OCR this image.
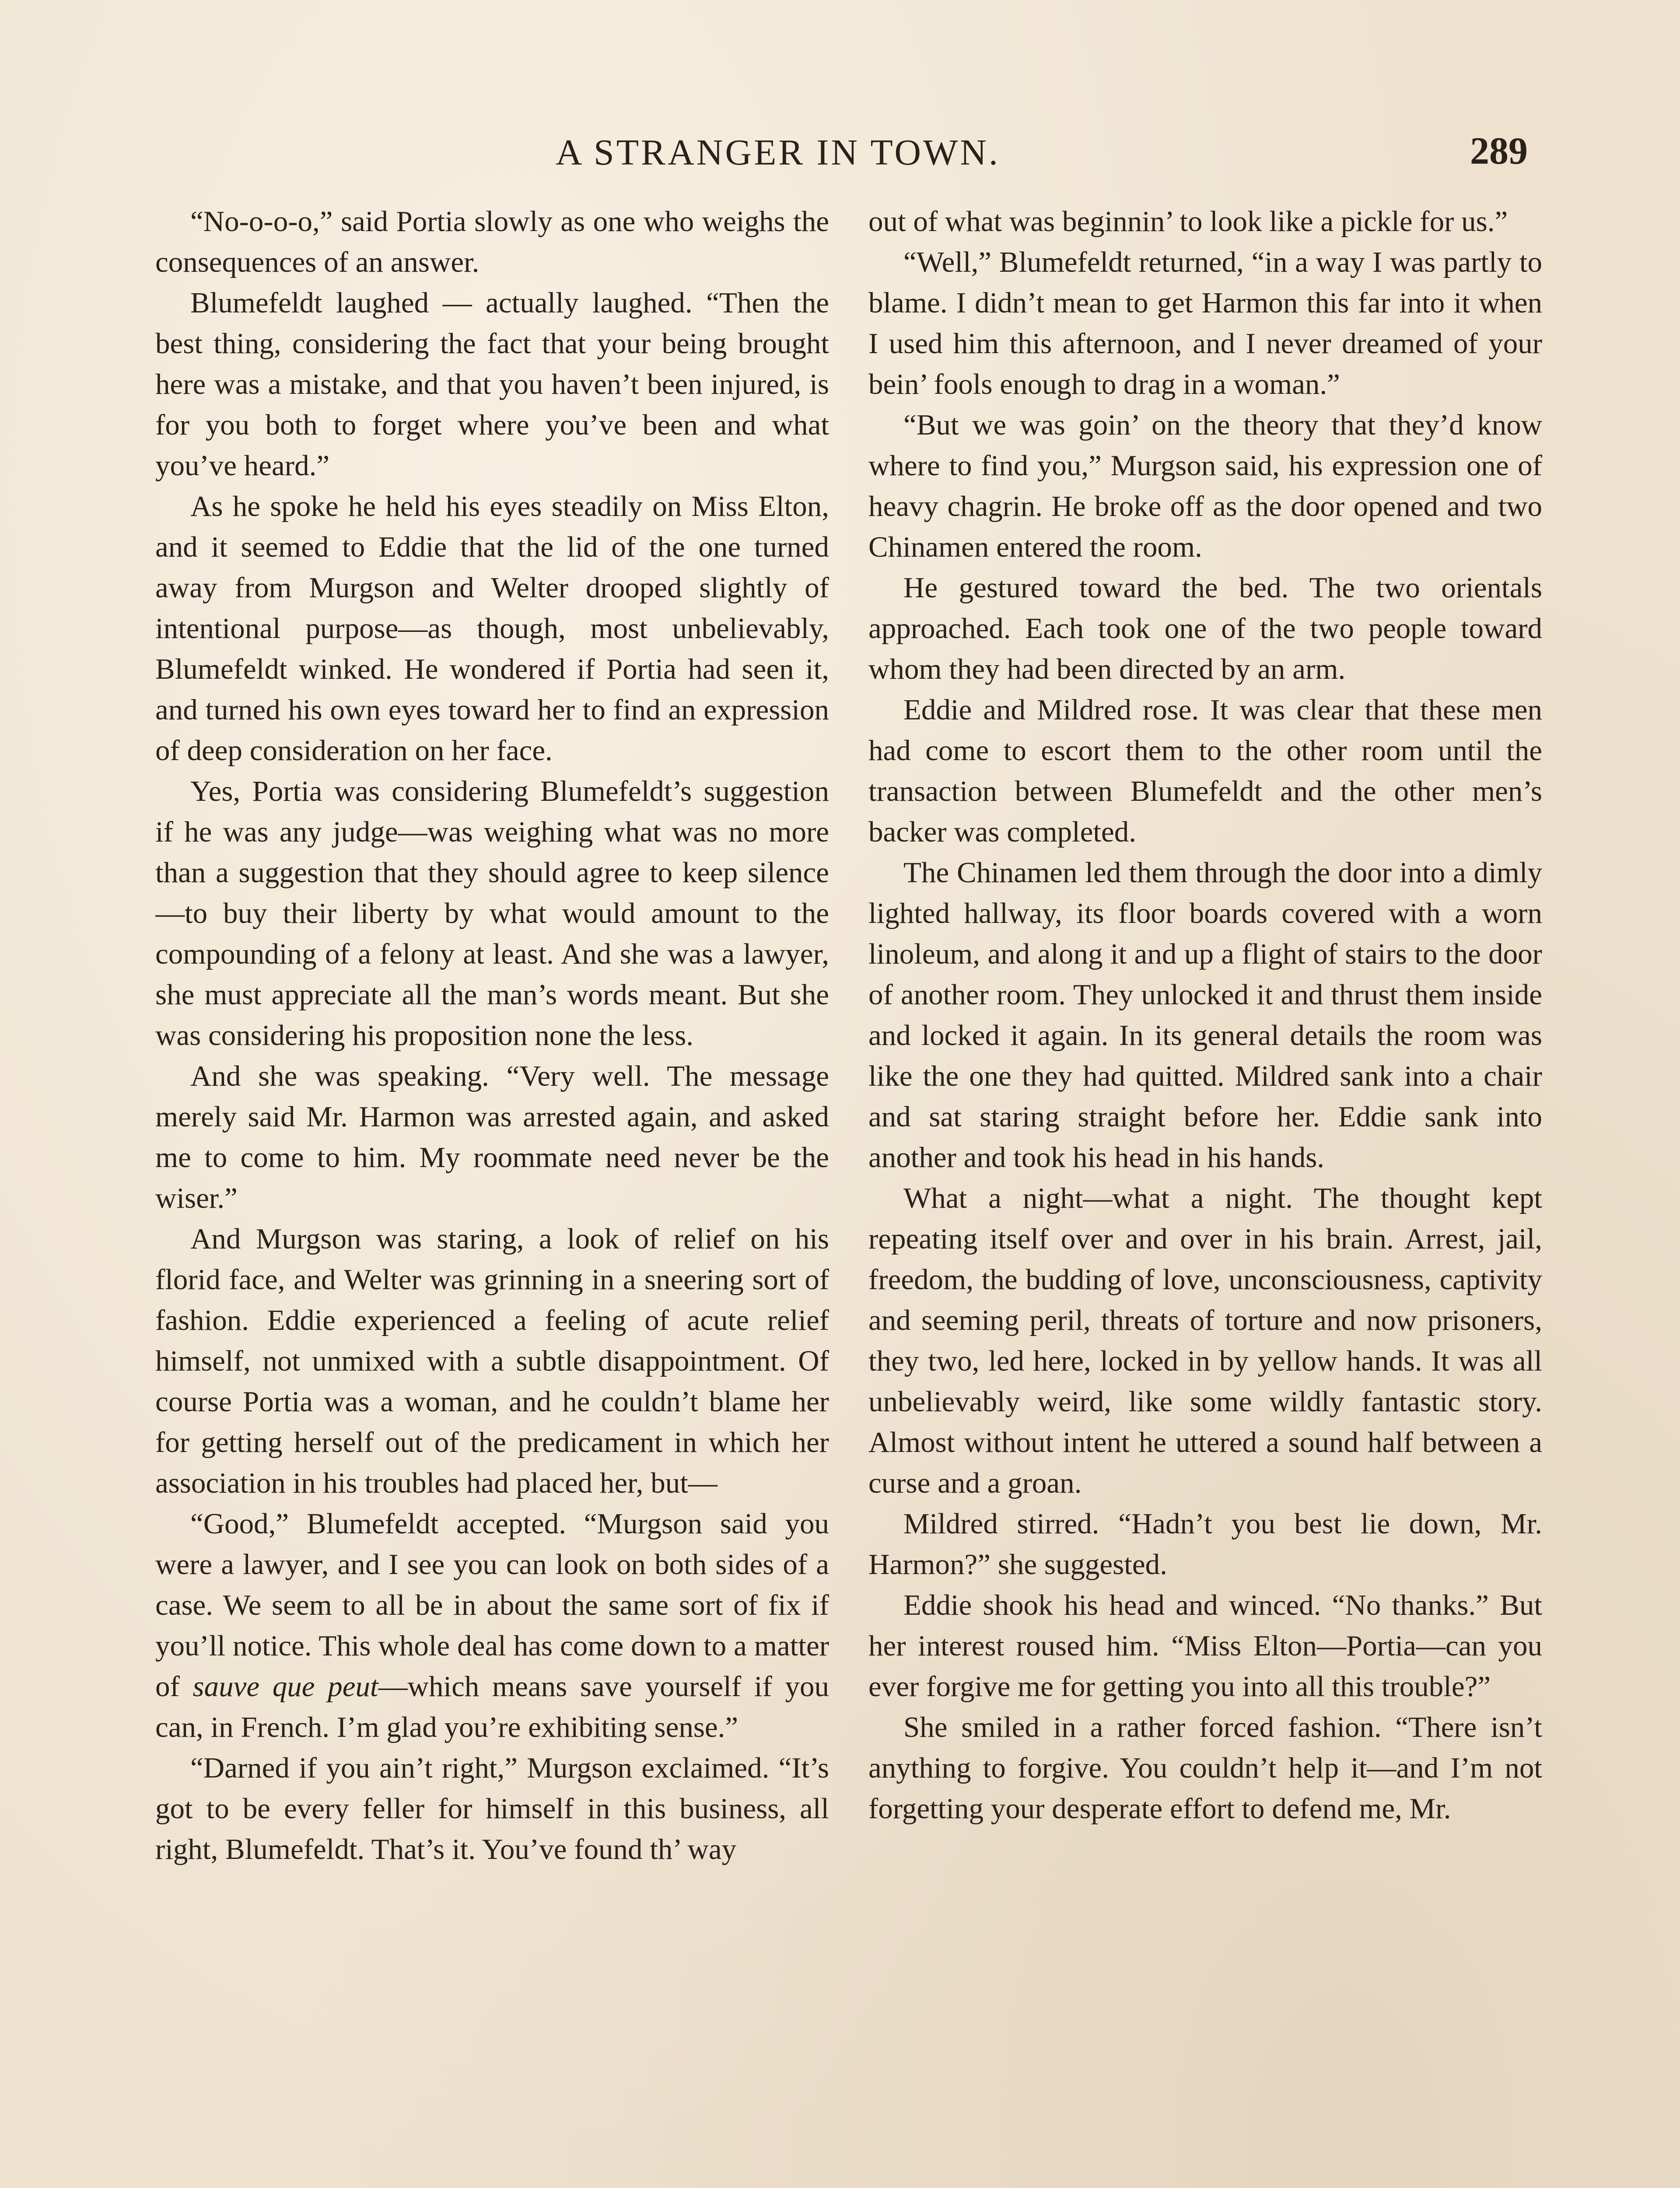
A STRANGER IN TOWN.	289

“No-o-o-o,” said Portia slowly as one who weighs the consequences of an answer.

Blumefeldt laughed — actually laughed. “Then the best thing, considering the fact that your being brought here was a mistake, and that you haven’t been injured, is for you both to forget where you’ve been and what you’ve heard.”

As he spoke he held his eyes steadily on Miss Elton, and it seemed to Eddie that the lid of the one turned away from Murgson and Welter drooped slightly of intentional purpose—as though, most unbelievably, Blumefeldt winked. He wondered if Portia had seen it, and turned his own eyes toward her to find an expression of deep consideration on her face.

Yes, Portia was considering Blumefeldt’s suggestion if he was any judge—was weighing what was no more than a suggestion that they should agree to keep silence—to buy their liberty by what would amount to the compounding of a felony at least. And she was a lawyer, she must appreciate all the man’s words meant. But she was considering his proposition none the less.

And she was speaking. “Very well. The message merely said Mr. Harmon was arrested again, and asked me to come to him. My roommate need never be the wiser.”

And Murgson was staring, a look of relief on his florid face, and Welter was grinning in a sneering sort of fashion. Eddie experienced a feeling of acute relief himself, not unmixed with a subtle disappointment. Of course Portia was a woman, and he couldn’t blame her for getting herself out of the predicament in which her association in his troubles had placed her, but—

“Good,” Blumefeldt accepted. “Murgson said you were a lawyer, and I see you can look on both sides of a case. We seem to all be in about the same sort of fix if you’ll notice. This whole deal has come down to a matter of sauve que peut—which means save yourself if you can, in French. I’m glad you’re exhibiting sense.”

“Darned if you ain’t right,” Murgson exclaimed. “It’s got to be every feller for himself in this business, all right, Blumefeldt. That’s it. You’ve found th’ way

out of what was beginnin’ to look like a pickle for us.”

“Well,” Blumefeldt returned, “in a way I was partly to blame. I didn’t mean to get Harmon this far into it when I used him this afternoon, and I never dreamed of your bein’ fools enough to drag in a woman.”

“But we was goin’ on the theory that they’d know where to find you,” Murgson said, his expression one of heavy chagrin. He broke off as the door opened and two Chinamen entered the room.

He gestured toward the bed. The two orientals approached. Each took one of the two people toward whom they had been directed by an arm.

Eddie and Mildred rose. It was clear that these men had come to escort them to the other room until the transaction between Blumefeldt and the other men’s backer was completed.

The Chinamen led them through the door into a dimly lighted hallway, its floor boards covered with a worn linoleum, and along it and up a flight of stairs to the door of another room. They unlocked it and thrust them inside and locked it again. In its general details the room was like the one they had quitted. Mildred sank into a chair and sat staring straight before her. Eddie sank into another and took his head in his hands.

What a night—what a night. The thought kept repeating itself over and over in his brain. Arrest, jail, freedom, the budding of love, unconsciousness, captivity and seeming peril, threats of torture and now prisoners, they two, led here, locked in by yellow hands. It was all unbelievably weird, like some wildly fantastic story. Almost without intent he uttered a sound half between a curse and a groan.

Mildred stirred. “Hadn’t you best lie down, Mr. Harmon?” she suggested.

Eddie shook his head and winced. “No thanks.” But her interest roused him. “Miss Elton—Portia—can you ever forgive me for getting you into all this trouble?”

She smiled in a rather forced fashion. “There isn’t anything to forgive. You couldn’t help it—and I’m not forgetting your desperate effort to defend me, Mr.
